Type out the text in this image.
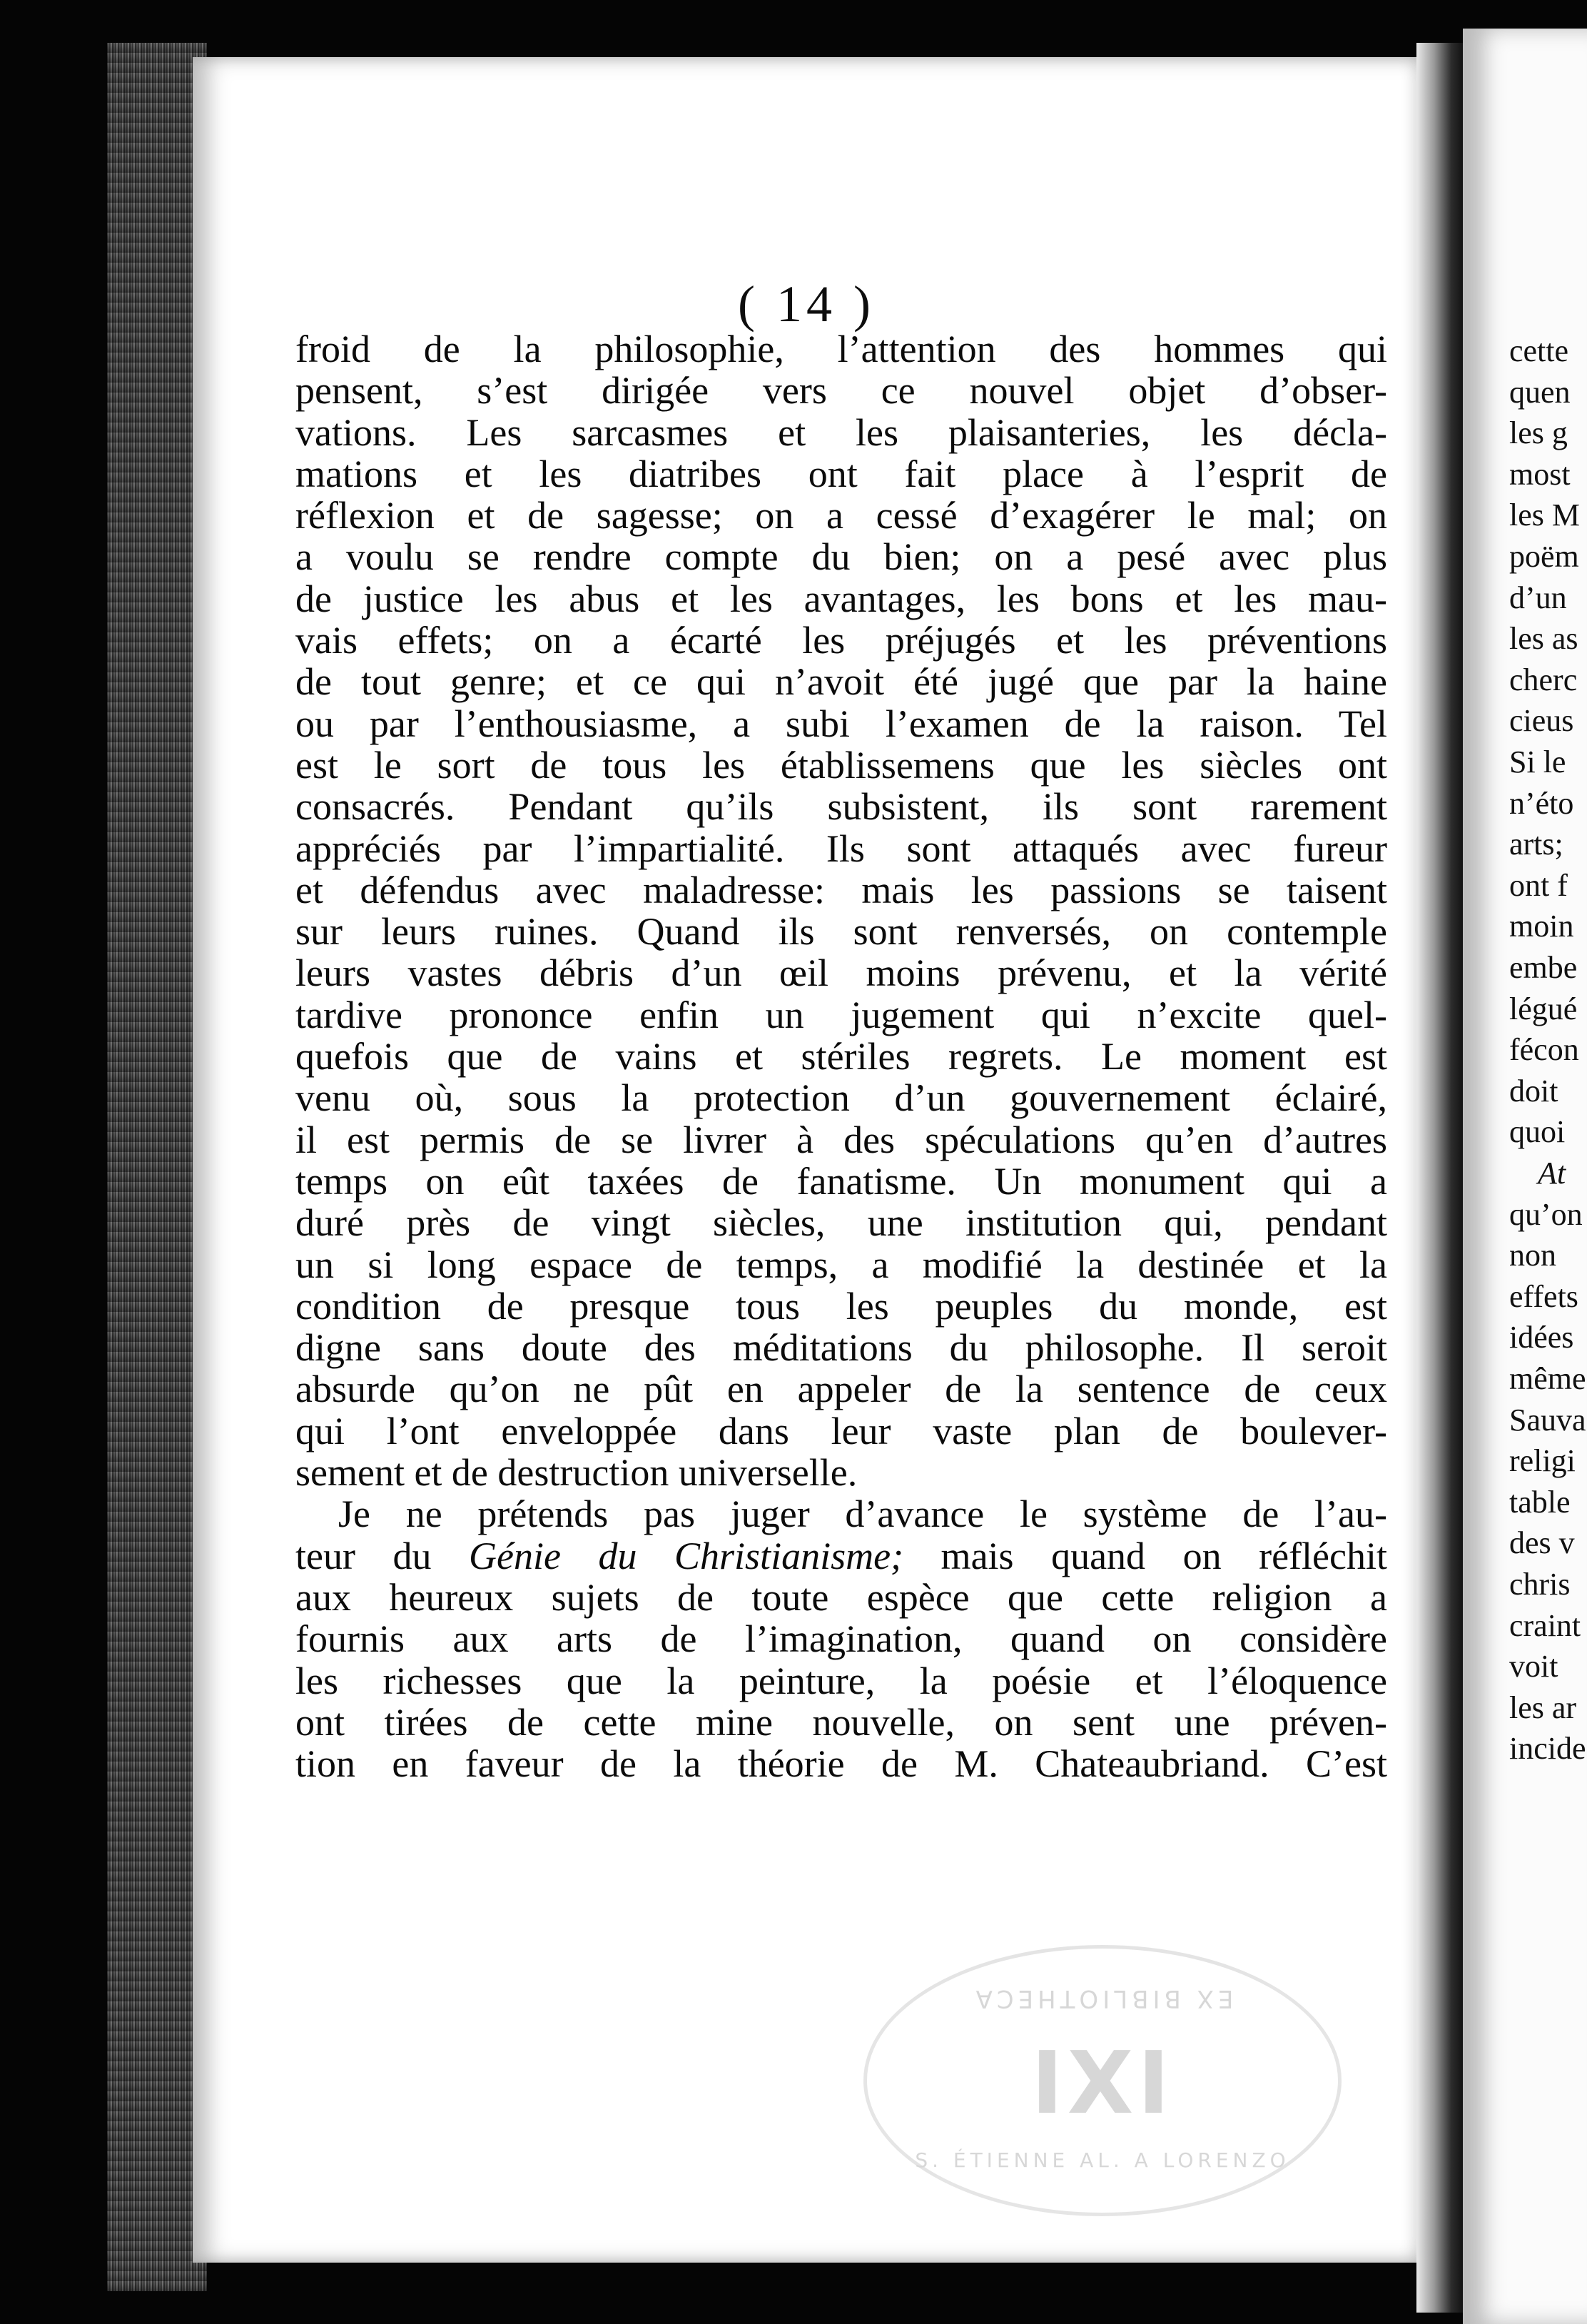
( 14 )
EX BIBLIOTHECA
IXI
S. ÉTIENNE AL. A LORENZO
froid de la philosophie, l’attention des hommes qui
pensent, s’est dirigée vers ce nouvel objet d’obser-
vations. Les sarcasmes et les plaisanteries, les décla-
mations et les diatribes ont fait place à l’esprit de
réflexion et de sagesse; on a cessé d’exagérer le mal; on
a voulu se rendre compte du bien; on a pesé avec plus
de justice les abus et les avantages, les bons et les mau-
vais effets; on a écarté les préjugés et les préventions
de tout genre; et ce qui n’avoit été jugé que par la haine
ou par l’enthousiasme, a subi l’examen de la raison. Tel
est le sort de tous les établissemens que les siècles ont
consacrés. Pendant qu’ils subsistent, ils sont rarement
appréciés par l’impartialité. Ils sont attaqués avec fureur
et défendus avec maladresse: mais les passions se taisent
sur leurs ruines. Quand ils sont renversés, on contemple
leurs vastes débris d’un œil moins prévenu, et la vérité
tardive prononce enfin un jugement qui n’excite quel-
quefois que de vains et stériles regrets. Le moment est
venu où, sous la protection d’un gouvernement éclairé,
il est permis de se livrer à des spéculations qu’en d’autres
temps on eût taxées de fanatisme. Un monument qui a
duré près de vingt siècles, une institution qui, pendant
un si long espace de temps, a modifié la destinée et la
condition de presque tous les peuples du monde, est
digne sans doute des méditations du philosophe. Il seroit
absurde qu’on ne pût en appeler de la sentence de ceux
qui l’ont enveloppée dans leur vaste plan de boulever-
sement et de destruction universelle.
Je ne prétends pas juger d’avance le système de l’au-
teur du Génie du Christianisme; mais quand on réfléchit
aux heureux sujets de toute espèce que cette religion a
fournis aux arts de l’imagination, quand on considère
les richesses que la peinture, la poésie et l’éloquence
ont tirées de cette mine nouvelle, on sent une préven-
tion en faveur de la théorie de M. Chateaubriand. C’est
cette
quen
les g
most
les M
poëm
d’un
les as
cherc
cieus
Si le
n’éto
arts;
ont f
moin
embe
légué
fécon
doit
quoi
At
qu’on
non
effets
idées
même
Sauva
religi
table
des v
chris
craint
voit
les ar
incide
